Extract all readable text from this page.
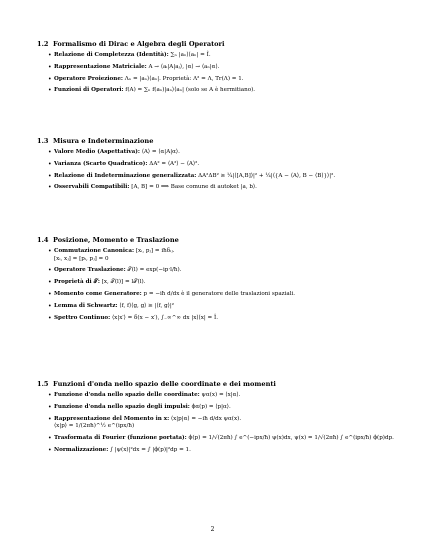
1.2 Formalismo di Dirac e Algebra degli Operatori
• Relazione di Completezza (Identità): ∑ₙ |aₙ⟩⟨aₙ| = Î.
• Rappresentazione Matriciale: A → ⟨aᵢ|A|aⱼ⟩, |α⟩ → ⟨aₙ|α⟩.
• Operatore Proiezione: Λₙ = |aₙ⟩⟨aₙ|. Proprietà: Λ² = Λ, Tr(Λ) = 1.
• Funzioni di Operatori: f(A) = ∑ₙ f(aₙ)|aₙ⟩⟨aₙ| (solo se A è hermitiano).
1.3 Misura e Indeterminazione
• Valore Medio (Aspettativa): ⟨A⟩ = ⟨α|A|α⟩.
• Varianza (Scarto Quadratico): ΔA² = ⟨A²⟩ − ⟨A⟩².
• Relazione di Indeterminazione generalizzata: ΔA²ΔB² ≥ ¼|⟨[A,B]⟩|² + ¼|⟨{A − ⟨A⟩, B − ⟨B⟩}⟩|².
• Osservabili Compatibili: [A, B] = 0 ⟹ Base comune di autoket |a, b⟩.
1.4 Posizione, Momento e Traslazione
• Commutazione Canonica: [xᵢ, pⱼ] = iħδᵢⱼ.
[xᵢ, xⱼ] = [pᵢ, pⱼ] = 0
• Operatore Traslazione: 𝒯(l) = exp(−ip·l/ħ).
• Proprietà di 𝒯: [x, 𝒯(l)] = l𝒯(l).
• Momento come Generatore: p = −iħ d/dx è il generatore delle traslazioni spaziali.
• Lemma di Schwartz: ⟨f, f⟩⟨g, g⟩ ≥ |⟨f, g⟩|²
• Spettro Continuo: ⟨x|x′⟩ = δ(x − x′), ∫₋∞^∞ dx |x⟩⟨x| = Î.
1.5 Funzioni d'onda nello spazio delle coordinate e dei momenti
• Funzione d'onda nello spazio delle coordinate: ψα(x) = ⟨x|α⟩.
• Funzione d'onda nello spazio degli impulsi: ϕα(p) = ⟨p|α⟩.
• Rappresentazione del Momento in x: ⟨x|p|α⟩ = −iħ d/dx ψα(x).
⟨x|p⟩ = 1/(2πħ)^½ e^(ipx/ħ)
• Trasformata di Fourier (funzione portata): ϕ(p) = 1/√(2πħ) ∫ e^(−ipx/ħ) ψ(x)dx, ψ(x) = 1/√(2πħ) ∫ e^(ipx/ħ) ϕ(p)dp.
• Normalizzazione: ∫ |ψ(x)|²dx = ∫ |ϕ(p)|²dp = 1.
2
